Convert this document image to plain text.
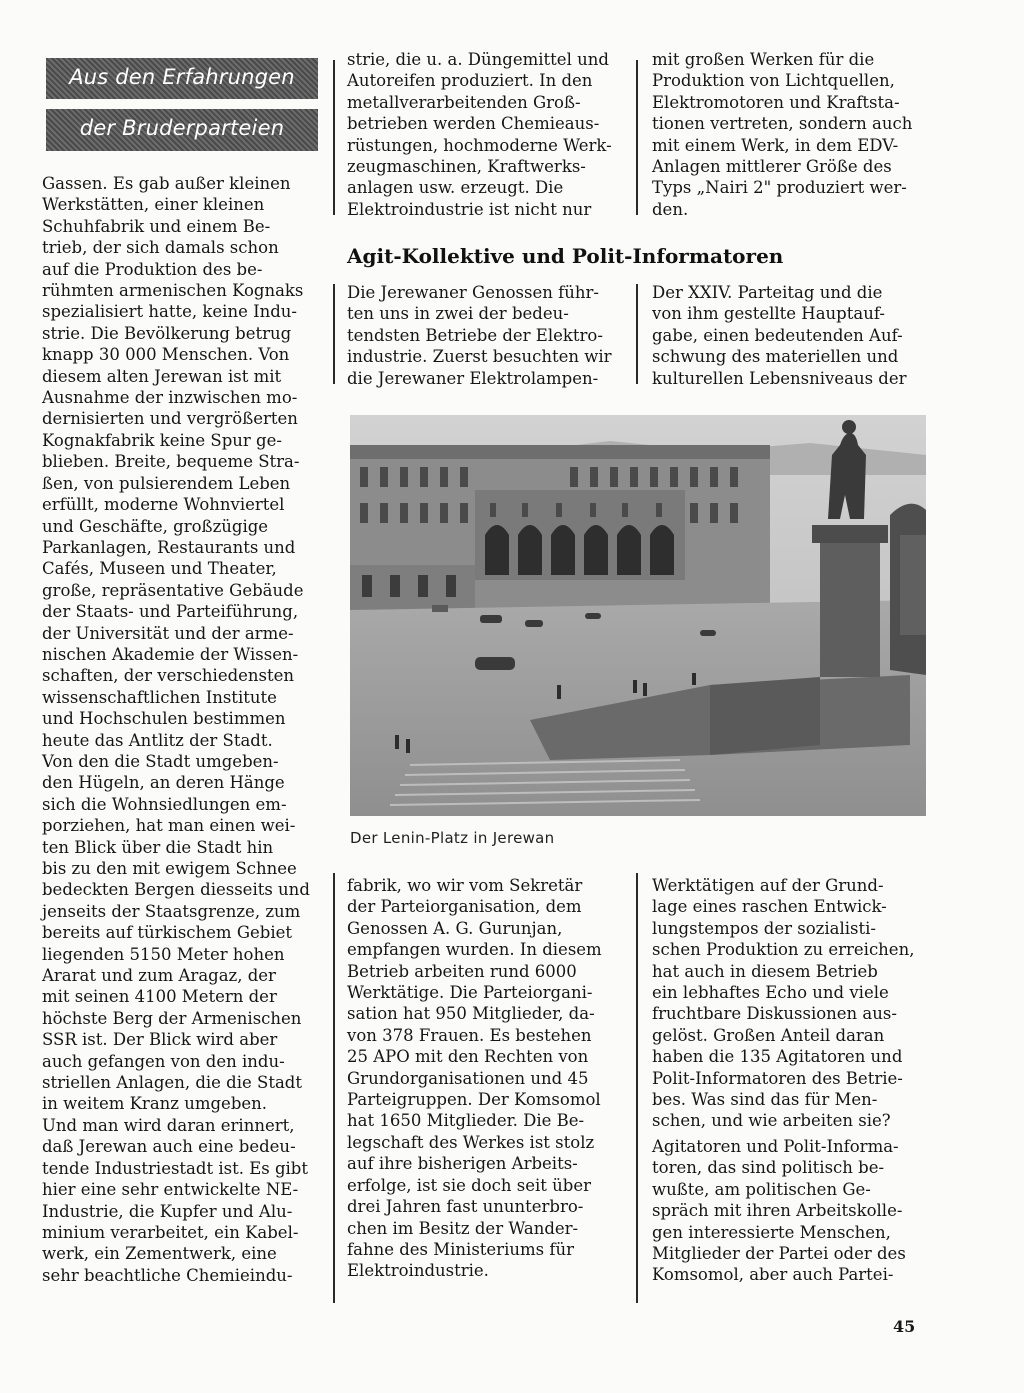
Aus den Erfahrungen
der Bruderparteien

Gassen. Es gab außer kleinen
Werkstätten, einer kleinen
Schuhfabrik und einem Be-
trieb, der sich damals schon
auf die Produktion des be-
rühmten armenischen Kognaks
spezialisiert hatte, keine Indu-
strie. Die Bevölkerung betrug
knapp 30 000 Menschen. Von
diesem alten Jerewan ist mit
Ausnahme der inzwischen mo-
dernisierten und vergrößerten
Kognakfabrik keine Spur ge-
blieben. Breite, bequeme Stra-
ßen, von pulsierendem Leben
erfüllt, moderne Wohnviertel
und Geschäfte, großzügige
Parkanlagen, Restaurants und
Cafés, Museen und Theater,
große, repräsentative Gebäude
der Staats- und Parteiführung,
der Universität und der arme-
nischen Akademie der Wissen-
schaften, der verschiedensten
wissenschaftlichen Institute
und Hochschulen bestimmen
heute das Antlitz der Stadt.
Von den die Stadt umgeben-
den Hügeln, an deren Hänge
sich die Wohnsiedlungen em-
porziehen, hat man einen wei-
ten Blick über die Stadt hin
bis zu den mit ewigem Schnee
bedeckten Bergen diesseits und
jenseits der Staatsgrenze, zum
bereits auf türkischem Gebiet
liegenden 5150 Meter hohen
Ararat und zum Aragaz, der
mit seinen 4100 Metern der
höchste Berg der Armenischen
SSR ist. Der Blick wird aber
auch gefangen von den indu-
striellen Anlagen, die die Stadt
in weitem Kranz umgeben.
Und man wird daran erinnert,
daß Jerewan auch eine bedeu-
tende Industriestadt ist. Es gibt
hier eine sehr entwickelte NE-
Industrie, die Kupfer und Alu-
minium verarbeitet, ein Kabel-
werk, ein Zementwerk, eine
sehr beachtliche Chemieindu-

strie, die u. a. Düngemittel und
Autoreifen produziert. In den
metallverarbeitenden Groß-
betrieben werden Chemieaus-
rüstungen, hochmoderne Werk-
zeugmaschinen, Kraftwerks-
anlagen usw. erzeugt. Die
Elektroindustrie ist nicht nur

mit großen Werken für die
Produktion von Lichtquellen,
Elektromotoren und Kraftsta-
tionen vertreten, sondern auch
mit einem Werk, in dem EDV-
Anlagen mittlerer Größe des
Typs „Nairi 2" produziert wer-
den.

Agit-Kollektive und Polit-Informatoren

Die Jerewaner Genossen führ-
ten uns in zwei der bedeu-
tendsten Betriebe der Elektro-
industrie. Zuerst besuchten wir
die Jerewaner Elektrolampen-

Der XXIV. Parteitag und die
von ihm gestellte Hauptauf-
gabe, einen bedeutenden Auf-
schwung des materiellen und
kulturellen Lebensniveaus der

Der Lenin-Platz in Jerewan

fabrik, wo wir vom Sekretär
der Parteiorganisation, dem
Genossen A. G. Gurunjan,
empfangen wurden. In diesem
Betrieb arbeiten rund 6000
Werktätige. Die Parteiorgani-
sation hat 950 Mitglieder, da-
von 378 Frauen. Es bestehen
25 APO mit den Rechten von
Grundorganisationen und 45
Parteigruppen. Der Komsomol
hat 1650 Mitglieder. Die Be-
legschaft des Werkes ist stolz
auf ihre bisherigen Arbeits-
erfolge, ist sie doch seit über
drei Jahren fast ununterbro-
chen im Besitz der Wander-
fahne des Ministeriums für
Elektroindustrie.

Werktätigen auf der Grund-
lage eines raschen Entwick-
lungstempos der sozialisti-
schen Produktion zu erreichen,
hat auch in diesem Betrieb
ein lebhaftes Echo und viele
fruchtbare Diskussionen aus-
gelöst. Großen Anteil daran
haben die 135 Agitatoren und
Polit-Informatoren des Betrie-
bes. Was sind das für Men-
schen, und wie arbeiten sie?

Agitatoren und Polit-Informa-
toren, das sind politisch be-
wußte, am politischen Ge-
spräch mit ihren Arbeitskolle-
gen interessierte Menschen,
Mitglieder der Partei oder des
Komsomol, aber auch Partei-

45
